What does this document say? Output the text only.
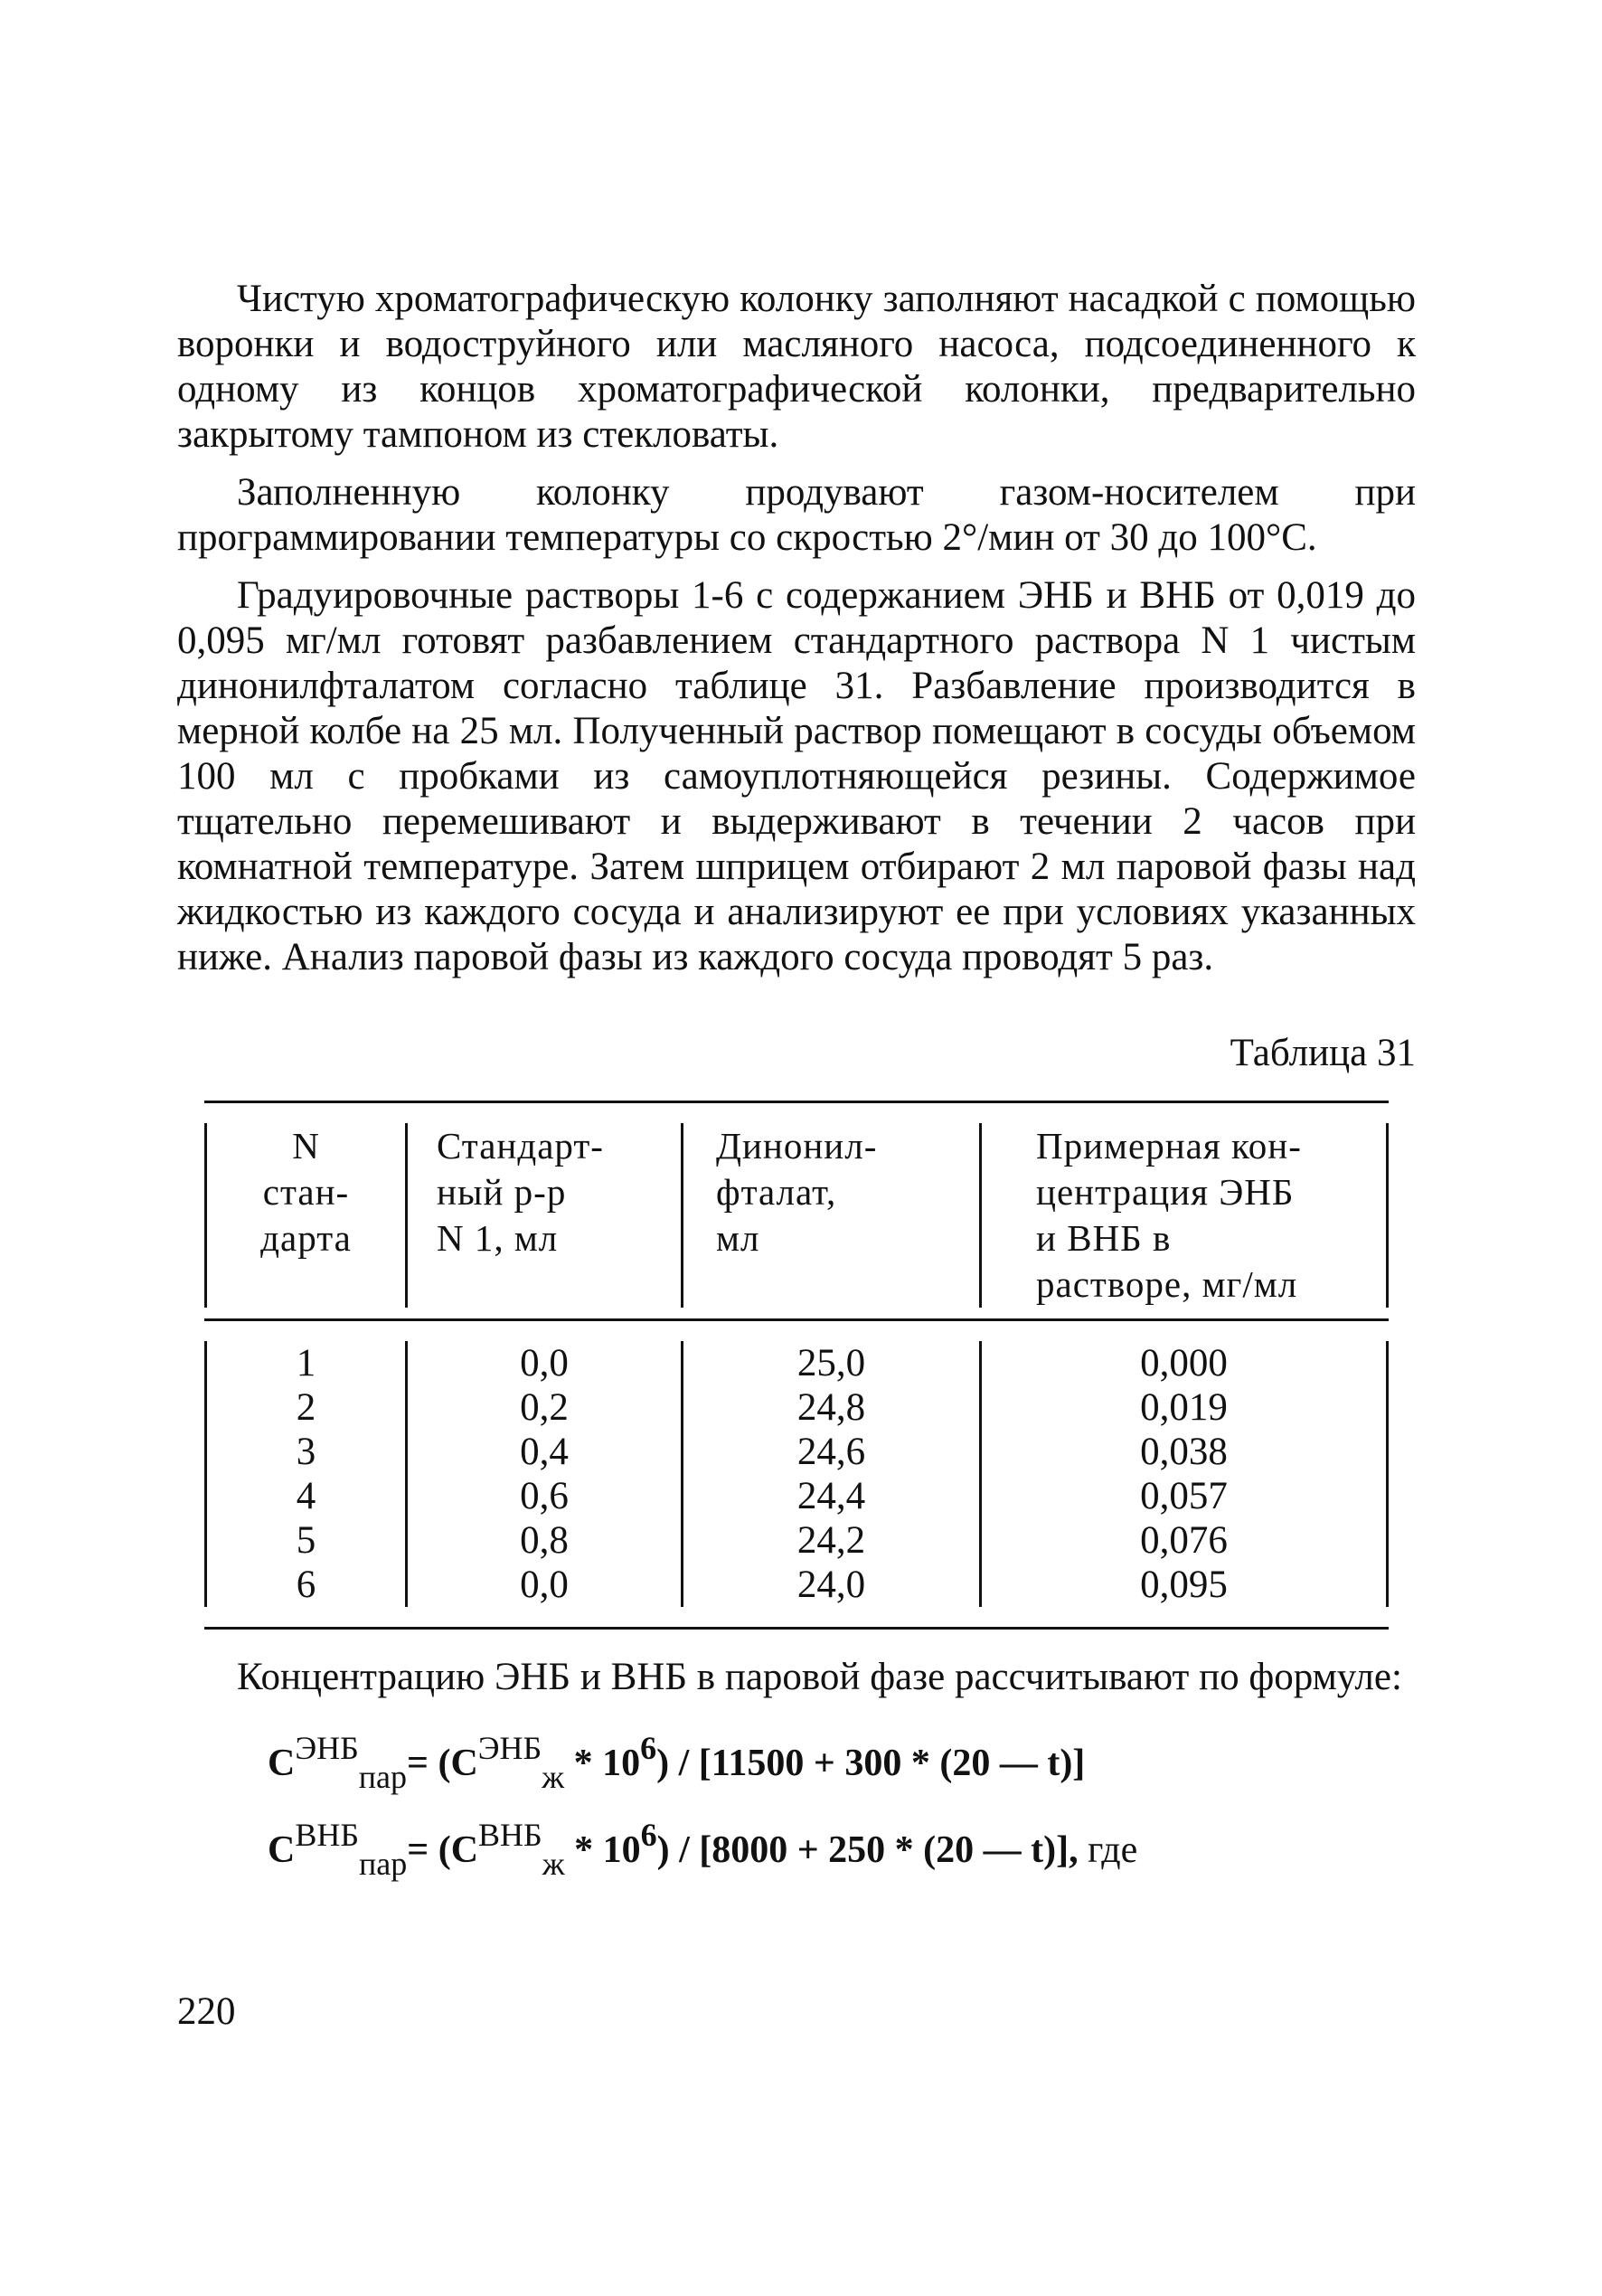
Чистую хроматографическую колонку заполняют насадкой с помощью воронки и водоструйного или масляного насоса, подсоединенного к одному из концов хроматографической колонки, предварительно закрытому тампоном из стекловаты.

Заполненную колонку продувают газом-носителем при программировании температуры со скростью 2°/мин от 30 до 100°С.

Градуировочные растворы 1-6 с содержанием ЭНБ и ВНБ от 0,019 до 0,095 мг/мл готовят разбавлением стандартного раствора N 1 чистым динонилфталатом согласно таблице 31. Разбавление производится в мерной колбе на 25 мл. Полученный раствор помещают в сосуды объемом 100 мл с пробками из самоуплотняющейся резины. Содержимое тщательно перемешивают и выдерживают в течении 2 часов при комнатной температуре. Затем шприцем отбирают 2 мл паровой фазы над жидкостью из каждого сосуда и анализируют ее при условиях указанных ниже. Анализ паровой фазы из каждого сосуда проводят 5 раз.

Таблица 31
N
стан-
дарта
Стандарт-
ный р-р
N 1, мл
Динонил-
фталат,
мл
Примерная кон-
центрация ЭНБ
и ВНБ в
растворе, мг/мл
1
2
3
4
5
6
0,0
0,2
0,4
0,6
0,8
0,0
25,0
24,8
24,6
24,4
24,2
24,0
0,000
0,019
0,038
0,057
0,076
0,095

Концентрацию ЭНБ и ВНБ в паровой фазе рассчитывают по формуле:

$С^{ЭНБ}_{пар}= (С^{ЭНБ}_ж * 10^6) / [11500 + 300 * (20$ — t)]
$С^{ВНБ}_{пар}= (С^{ВНБ}_ж * 10^6) / [8000 + 250 * (20$ — t)], где
220
